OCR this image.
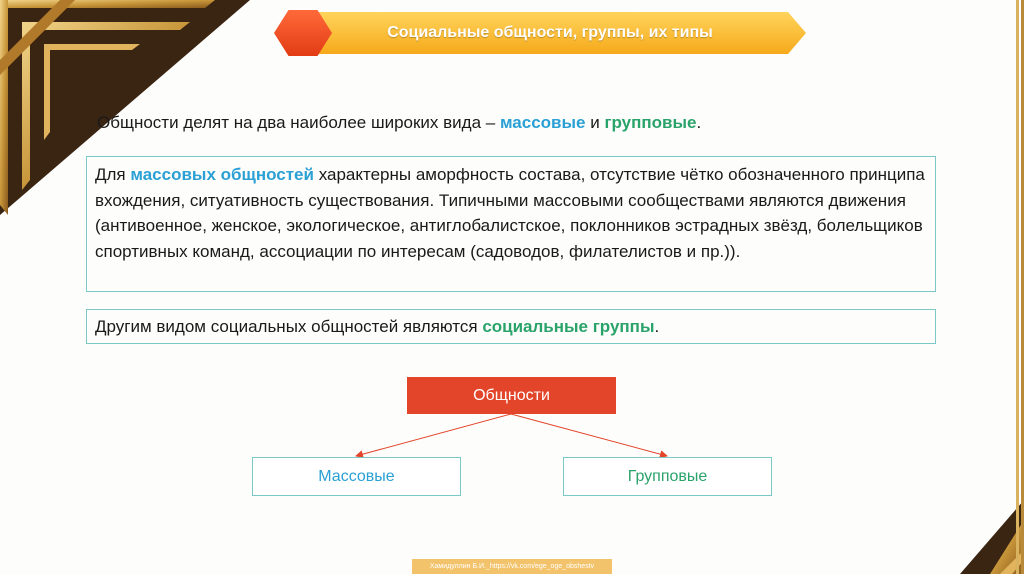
Социальные общности, группы, их типы
Общности делят на два наиболее широких вида – массовые и групповые.
Для массовых общностей характерны аморфность состава, отсутствие чётко обозначенного принципа вхождения, ситуативность существования. Типичными массовыми сообществами являются движения (антивоенное, женское, экологическое, антиглобалистское, поклонников эстрадных звёзд, болельщиков спортивных команд, ассоциации по интересам (садоводов, филателистов и пр.)).
Другим видом социальных общностей являются социальные группы.
Общности
Массовые	Групповые
Хамидуллин Б.И._https://vk.com/ege_oge_obshestv
